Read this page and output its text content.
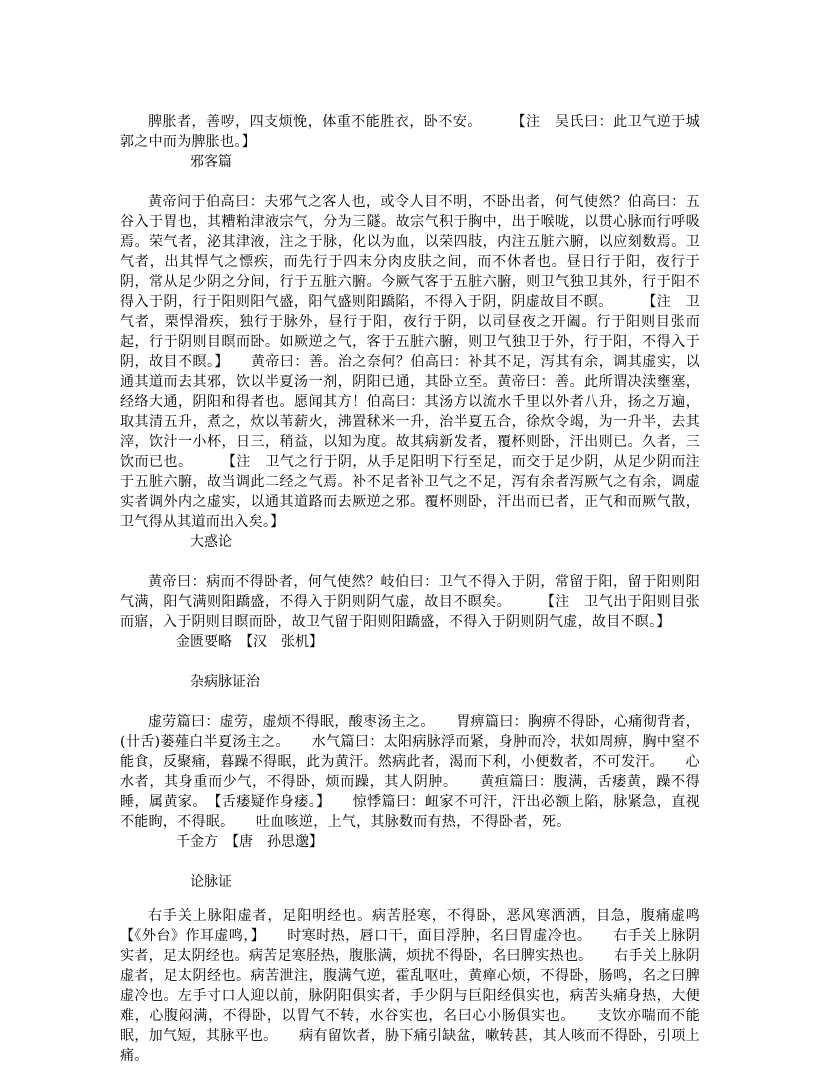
脾胀者，善哕，四支烦悗，体重不能胜衣，卧不安。　　　【注　吴氏曰：此卫气逆于城郭之中而为脾胀也。】

邪客篇

黄帝问于伯高曰：夫邪气之客人也，或令人目不明，不卧出者，何气使然？伯高曰：五谷入于胃也，其糟粕津液宗气，分为三隧。故宗气积于胸中，出于喉咙，以贯心脉而行呼吸焉。荣气者，泌其津液，注之于脉，化以为血，以荣四肢，内注五脏六腑，以应刻数焉。卫气者，出其悍气之慓疾，而先行于四末分肉皮肤之间，而不休者也。昼日行于阳，夜行于阴，常从足少阴之分间，行于五脏六腑。今厥气客于五脏六腑，则卫气独卫其外，行于阳不得入于阴，行于阳则阳气盛，阳气盛则阳蹻陷，不得入于阴，阴虚故目不瞑。　　　【注　卫气者，栗悍滑疾，独行于脉外，昼行于阳，夜行于阴，以司昼夜之开阖。行于阳则目张而起，行于阴则目瞑而卧。如厥逆之气，客于五脏六腑，则卫气独卫于外，行于阳，不得入于阴，故目不瞑。】　　黄帝曰：善。治之奈何？伯高曰：补其不足，泻其有余，调其虚实，以通其道而去其邪，饮以半夏汤一剂，阴阳已通，其卧立至。黄帝曰：善。此所谓决渎壅塞，经络大通，阴阳和得者也。愿闻其方！伯高曰：其汤方以流水千里以外者八升，扬之万遍，取其清五升，煮之，炊以苇薪火，沸置秫米一升，治半夏五合，徐炊令竭，为一升半，去其滓，饮汁一小杯，日三，稍益，以知为度。故其病新发者，覆杯则卧，汗出则已。久者，三饮而已也。　　　【注　卫气之行于阴，从手足阳明下行至足，而交于足少阴，从足少阴而注于五脏六腑，故当调此二经之气焉。补不足者补卫气之不足，泻有余者泻厥气之有余，调虚实者调外内之虚实，以通其道路而去厥逆之邪。覆杯则卧，汗出而已者，正气和而厥气散，卫气得从其道而出入矣。】

大惑论

黄帝曰：病而不得卧者，何气使然？岐伯曰：卫气不得入于阴，常留于阳，留于阳则阳气满，阳气满则阳蹻盛，不得入于阴则阴气虚，故目不瞑矣。　　　【注　卫气出于阳则目张而寤，入于阴则目瞑而卧，故卫气留于阳则阳蹻盛，不得入于阴则阴气虚，故目不瞑。】

金匮要略　【汉　张机】
杂病脉证治

虚劳篇曰：虚劳，虚烦不得眠，酸枣汤主之。　　胃痹篇曰：胸痹不得卧，心痛彻背者，(卄舌)蒌薤白半夏汤主之。　　水气篇曰：太阳病脉浮而紧，身肿而冷，状如周痹，胸中窒不能食，反聚痛，暮躁不得眠，此为黄汗。然病此者，渴而下利，小便数者，不可发汗。　　心水者，其身重而少气，不得卧，烦而躁，其人阴肿。　　黄疸篇曰：腹满，舌痿黄，躁不得睡，属黄家。　【舌痿疑作身痿。】　　惊悸篇曰：衄家不可汗，汗出必额上陷，脉紧急，直视不能眴，不得眠。　　吐血咳逆，上气，其脉数而有热，不得卧者，死。

千金方　【唐　孙思邈】
论脉证

右手关上脉阳虚者，足阳明经也。病苦胫寒，不得卧，恶风寒洒洒，目急，腹痛虚鸣　【《外台》作耳虚鸣，】　　时寒时热，唇口干，面目浮肿，名曰胃虚冷也。　　右手关上脉阴实者，足太阴经也。病苦足寒胫热，腹胀满，烦扰不得卧，名曰脾实热也。　　右手关上脉阴虚者，足太阴经也。病苦泄注，腹满气逆，霍乱呕吐，黄瘅心烦，不得卧，肠鸣，名之曰脾虚冷也。左手寸口人迎以前，脉阴阳俱实者，手少阴与巨阳经俱实也，病苦头痛身热，大便难，心腹闷满，不得卧，以胃气不转，水谷实也，名曰心小肠俱实也。　　支饮亦喘而不能眠，加气短，其脉平也。　　病有留饮者，胁下痛引缺盆，嗽转甚，其人咳而不得卧，引项上痛。
